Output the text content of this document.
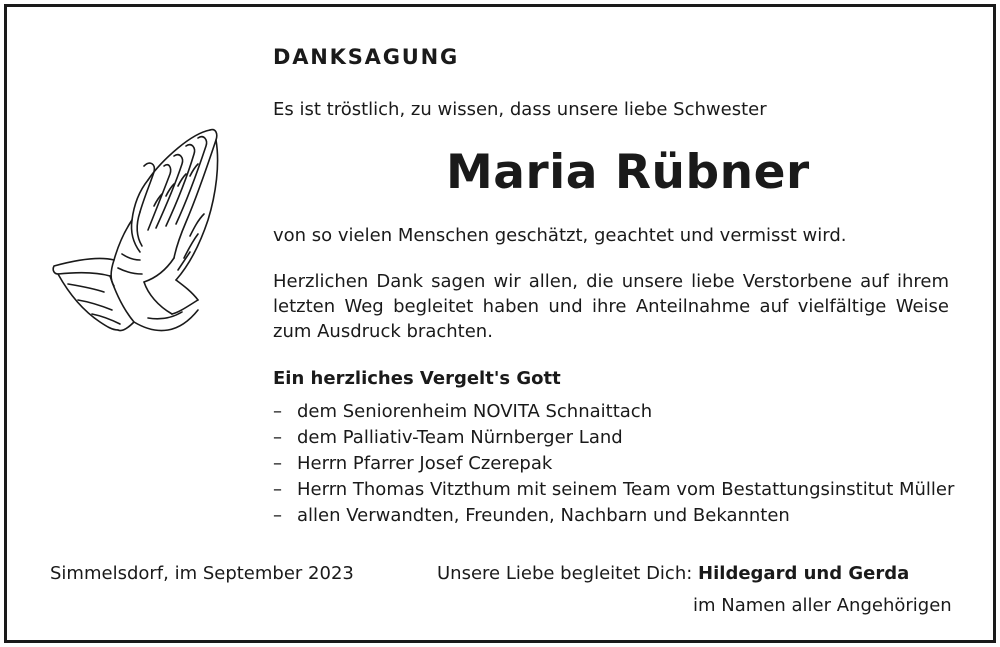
DANKSAGUNG
Es ist tröstlich, zu wissen, dass unsere liebe Schwester
Maria Rübner
von so vielen Menschen geschätzt, geachtet und vermisst wird.
Herzlichen Dank sagen wir allen, die unsere liebe Verstorbene auf ihrem letzten Weg begleitet haben und ihre Anteilnahme auf vielfältige Weise zum Ausdruck brachten.
Ein herzliches Vergelt's Gott
– dem Seniorenheim NOVITA Schnaittach
– dem Palliativ-Team Nürnberger Land
– Herrn Pfarrer Josef Czerepak
– Herrn Thomas Vitzthum mit seinem Team vom Bestattungsinstitut Müller
– allen Verwandten, Freunden, Nachbarn und Bekannten
Simmelsdorf, im September 2023	Unsere Liebe begleitet Dich: Hildegard und Gerda
im Namen aller Angehörigen
